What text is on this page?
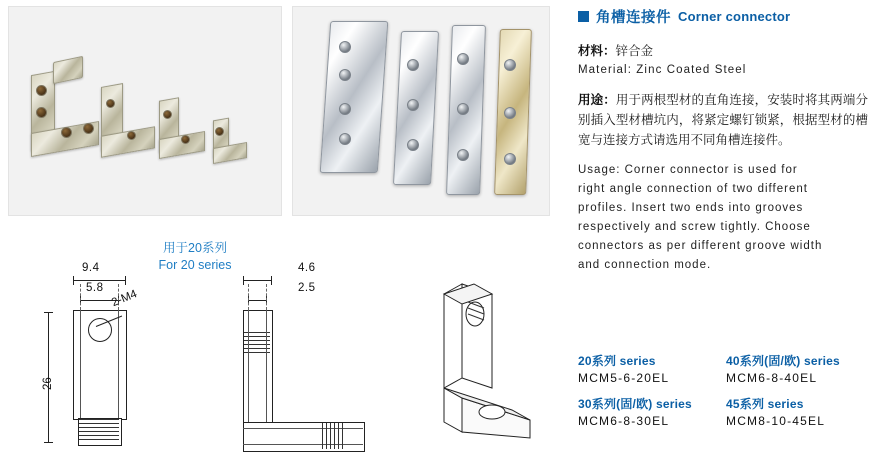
角槽连接件 Corner connector
材料：锌合金
Material: Zinc Coated Steel
用途：用于两根型材的直角连接，安装时将其两端分别插入型材槽坑内，将紧定螺钉锁紧，根据型材的槽宽与连接方式请选用不同角槽连接件。
Usage: Corner connector is used for
right angle connection of two different
profiles. Insert two ends into grooves
respectively and screw tightly. Choose
connectors as per different groove width
and connection mode.
20系列 series
MCM5-6-20EL
40系列(固/欧) series
MCM6-8-40EL
30系列(固/欧) series
MCM6-8-30EL
45系列 series
MCM8-10-45EL
用于20系列
For 20 series
9.4
5.8
2-M4
26
4.6
2.5
